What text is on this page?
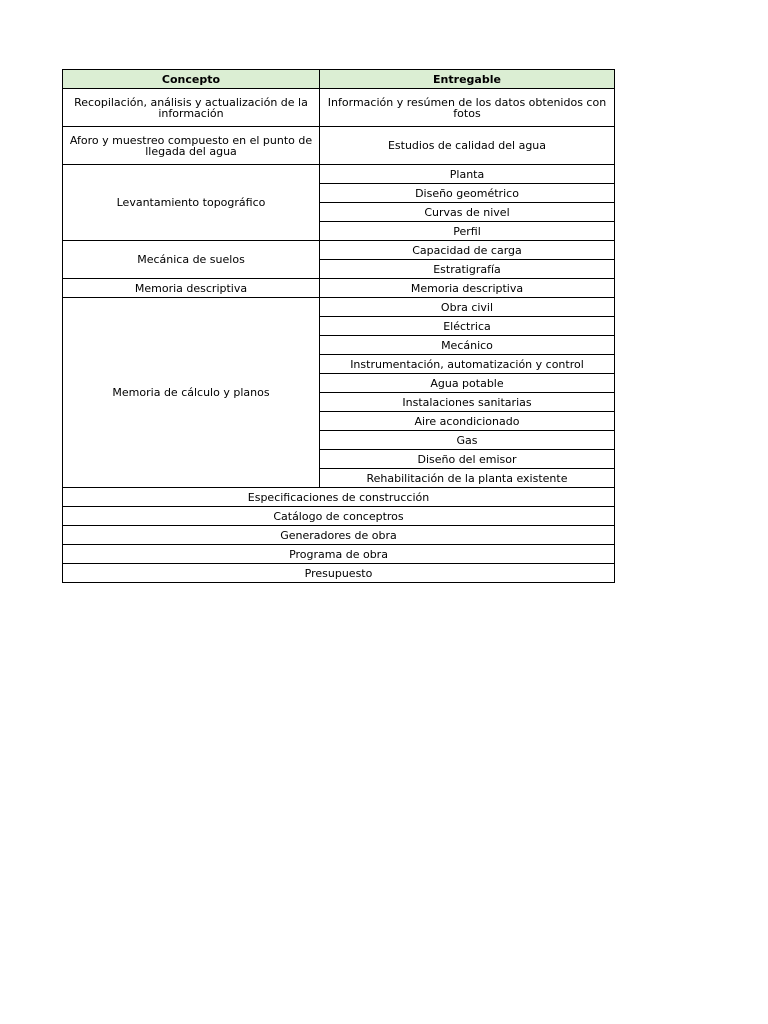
Concepto	Entregable
Recopilación, análisis y actualización de la información	Información y resúmen de los datos obtenidos con fotos
Aforo y muestreo compuesto en el punto de llegada del agua	Estudios de calidad del agua
Levantamiento topográfico	Planta
	Diseño geométrico
	Curvas de nivel
	Perfil
Mecánica de suelos	Capacidad de carga
	Estratigrafía
Memoria descriptiva	Memoria descriptiva
Memoria de cálculo y planos	Obra civil
	Eléctrica
	Mecánico
	Instrumentación, automatización y control
	Agua potable
	Instalaciones sanitarias
	Aire acondicionado
	Gas
	Diseño del emisor
	Rehabilitación de la planta existente
Especificaciones de construcción	
Catálogo de conceptros	
Generadores de obra	
Programa de obra	
Presupuesto	
